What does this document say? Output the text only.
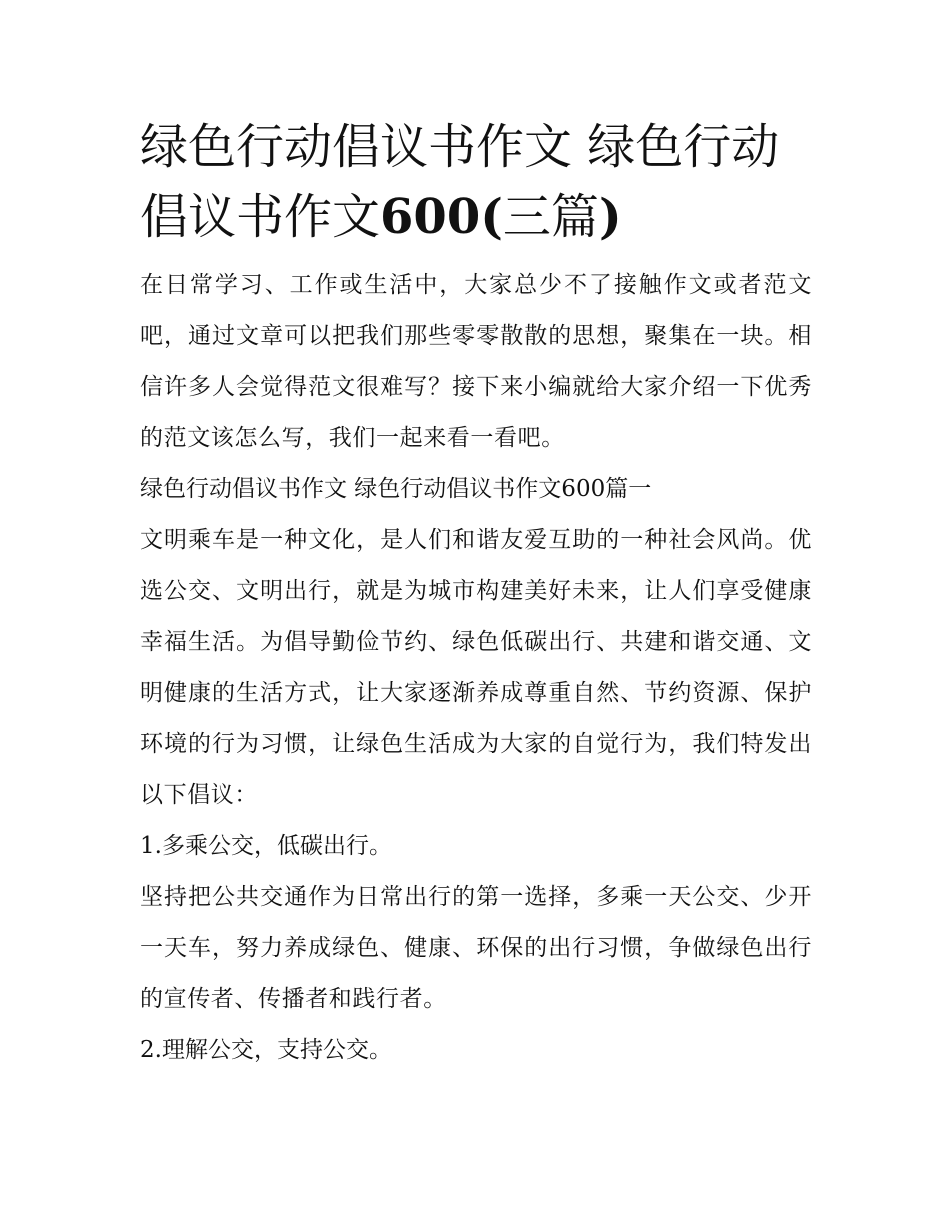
绿色行动倡议书作文 绿色行动
倡议书作文600(三篇)

在日常学习、工作或生活中，大家总少不了接触作文或者范文吧，通过文章可以把我们那些零零散散的思想，聚集在一块。相信许多人会觉得范文很难写？接下来小编就给大家介绍一下优秀的范文该怎么写，我们一起来看一看吧。

绿色行动倡议书作文 绿色行动倡议书作文600篇一

文明乘车是一种文化，是人们和谐友爱互助的一种社会风尚。优选公交、文明出行，就是为城市构建美好未来，让人们享受健康幸福生活。为倡导勤俭节约、绿色低碳出行、共建和谐交通、文明健康的生活方式，让大家逐渐养成尊重自然、节约资源、保护环境的行为习惯，让绿色生活成为大家的自觉行为，我们特发出以下倡议：

1.多乘公交，低碳出行。

坚持把公共交通作为日常出行的第一选择，多乘一天公交、少开一天车，努力养成绿色、健康、环保的出行习惯，争做绿色出行的宣传者、传播者和践行者。

2.理解公交，支持公交。
